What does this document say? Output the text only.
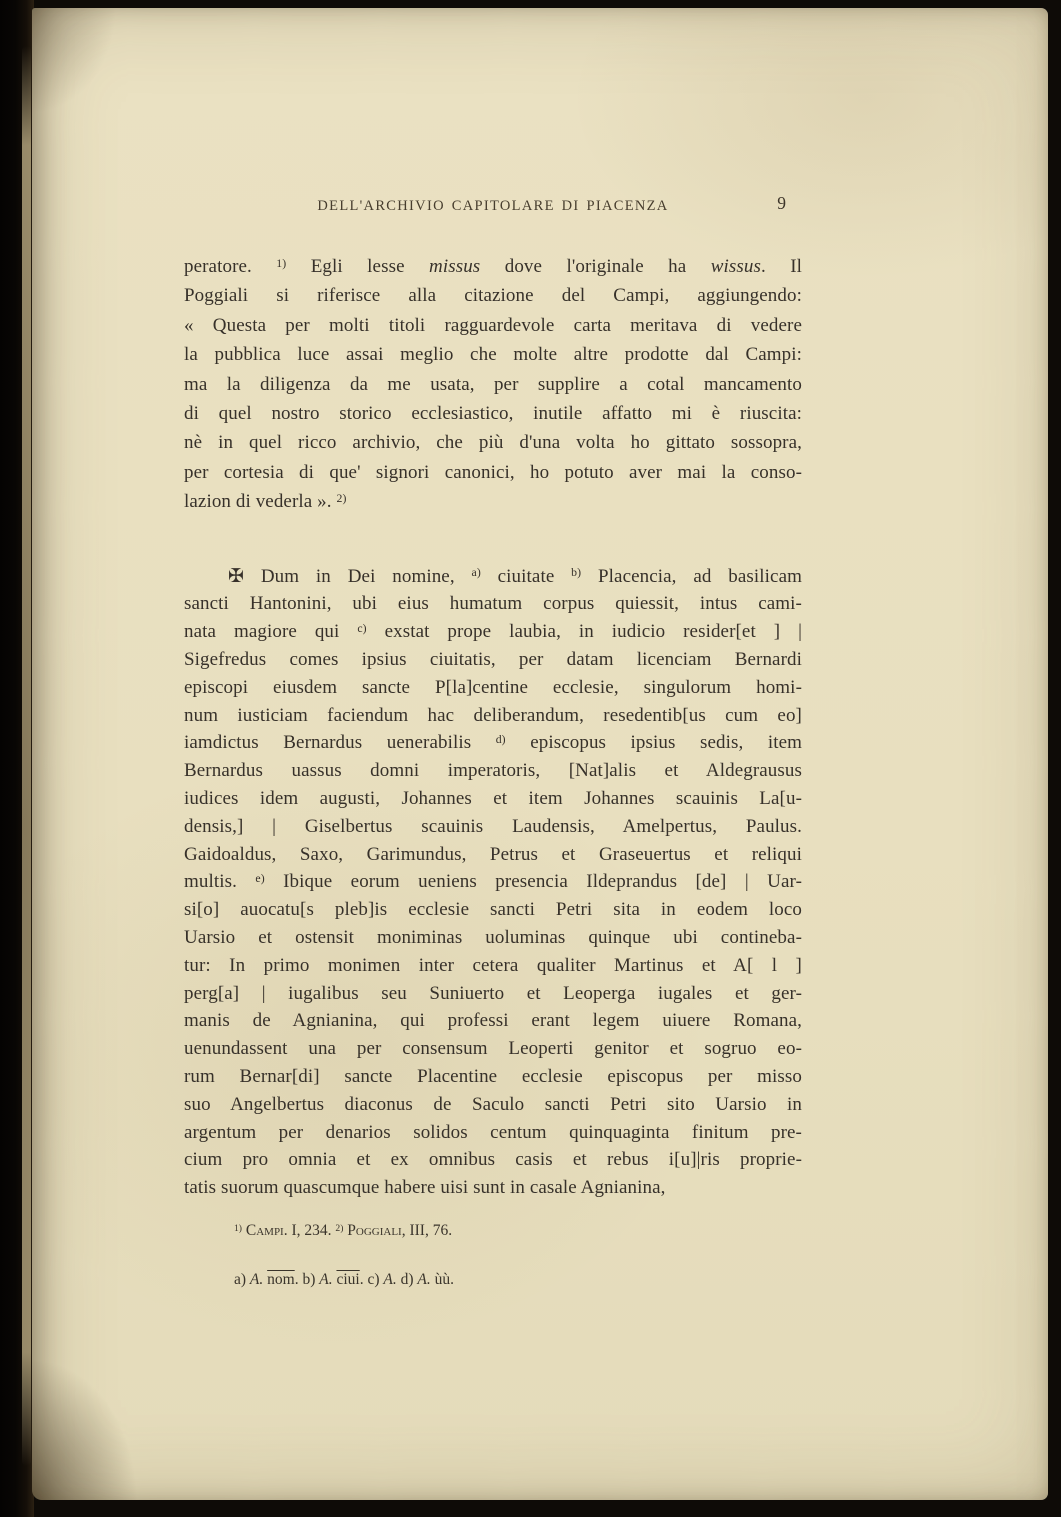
DELL'ARCHIVIO CAPITOLARE DI PIACENZA	9
peratore. $^{1)}$ Egli lesse missus dove l'originale ha wissus. Il
Poggiali si riferisce alla citazione del Campi, aggiungendo:
« Questa per molti titoli ragguardevole carta meritava di vedere
la pubblica luce assai meglio che molte altre prodotte dal Campi:
ma la diligenza da me usata, per supplire a cotal mancamento
di quel nostro storico ecclesiastico, inutile affatto mi è riuscita:
nè in quel ricco archivio, che più d'una volta ho gittato sossopra,
per cortesia di que' signori canonici, ho potuto aver mai la conso-
lazion di vederla ». $^{2)}$
✠ Dum in Dei nomine, $^{a)}$ ciuitate $^{b)}$ Placencia, ad basilicam
sancti Hantonini, ubi eius humatum corpus quiessit, intus cami-
nata magiore qui $^{c)}$ exstat prope laubia, in iudicio resider[et ] |
Sigefredus comes ipsius ciuitatis, per datam licenciam Bernardi
episcopi eiusdem sancte P[la]centine ecclesie, singulorum homi-
num iusticiam faciendum hac deliberandum, resedentib[us cum eo]
iamdictus Bernardus uenerabilis $^{d)}$ episcopus ipsius sedis, item
Bernardus uassus domni imperatoris, [Nat]alis et Aldegrausus
iudices idem augusti, Johannes et item Johannes scauinis La[u-
densis,] | Giselbertus scauinis Laudensis, Amelpertus, Paulus.
Gaidoaldus, Saxo, Garimundus, Petrus et Graseuertus et reliqui
multis. $^{e)}$ Ibique eorum ueniens presencia Ildeprandus [de] | Uar-
si[o] auocatu[s pleb]is ecclesie sancti Petri sita in eodem loco
Uarsio et ostensit moniminas uoluminas quinque ubi contineba-
tur: In primo monimen inter cetera qualiter Martinus et A[ l ]
perg[a] | iugalibus seu Suniuerto et Leoperga iugales et ger-
manis de Agnianina, qui professi erant legem uiuere Romana,
uenundassent una per consensum Leoperti genitor et sogruo eo-
rum Bernar[di] sancte Placentine ecclesie episcopus per misso
suo Angelbertus diaconus de Saculo sancti Petri sito Uarsio in
argentum per denarios solidos centum quinquaginta finitum pre-
cium pro omnia et ex omnibus casis et rebus i[u]|ris proprie-
tatis suorum quascumque habere uisi sunt in casale Agnianina,
$^{1)}$ Campi. I, 234. $^{2)}$ Poggiali, III, 76.
a) A. $\overline{nom}$. b) A. ciui. c) A. d) A. ùù.
